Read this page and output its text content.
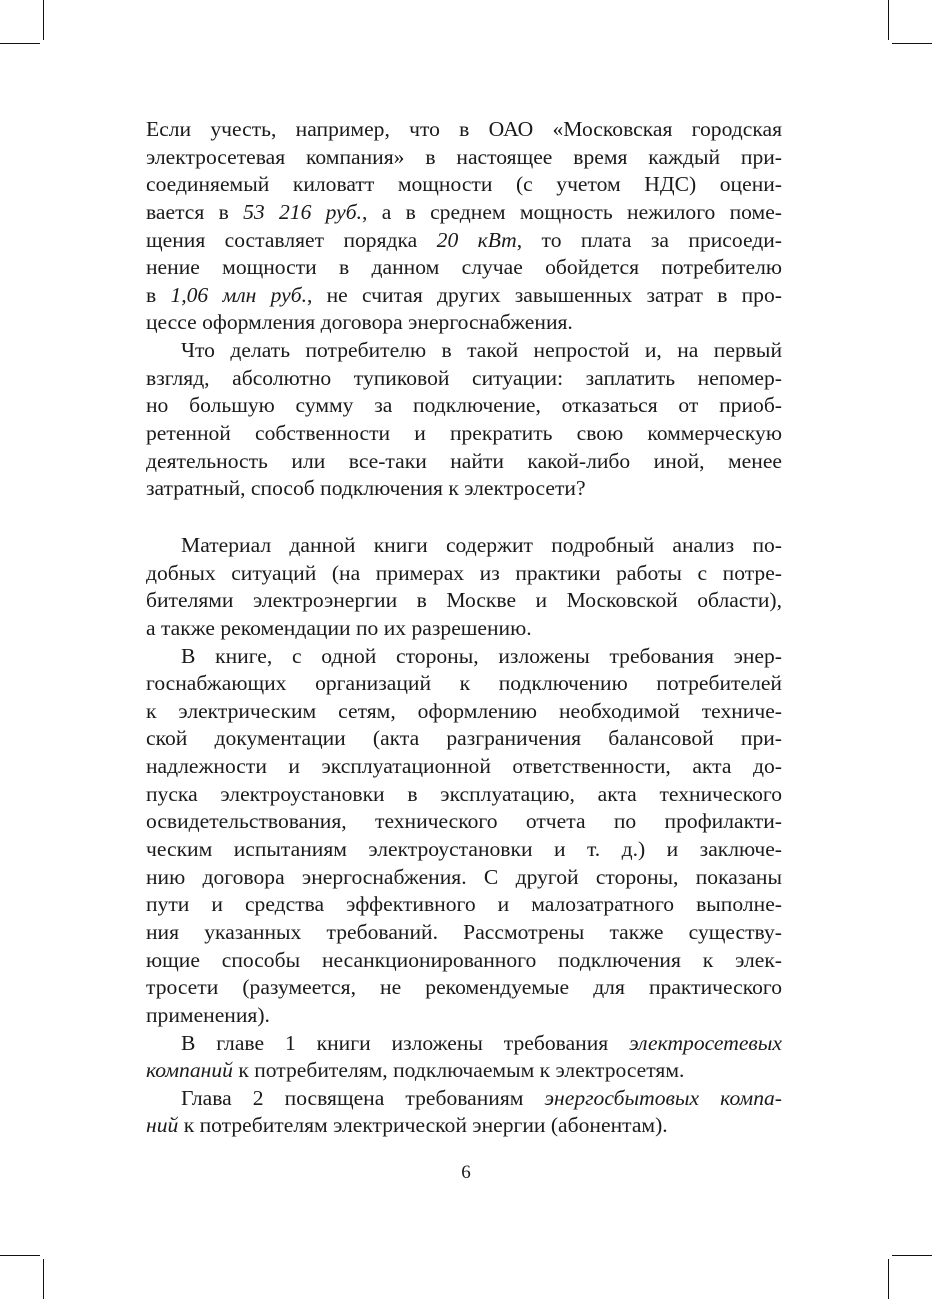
Если учесть, например, что в ОАО «Московская городская
электросетевая компания» в настоящее время каждый при-
соединяемый киловатт мощности (с учетом НДС) оцени-
вается в 53 216 руб., а в среднем мощность нежилого поме-
щения составляет порядка 20 кВт, то плата за присоеди-
нение мощности в данном случае обойдется потребителю
в 1,06 млн руб., не считая других завышенных затрат в про-
цессе оформления договора энергоснабжения.
Что делать потребителю в такой непростой и, на первый
взгляд, абсолютно тупиковой ситуации: заплатить непомер-
но большую сумму за подключение, отказаться от приоб-
ретенной собственности и прекратить свою коммерческую
деятельность или все-таки найти какой-либо иной, менее
затратный, способ подключения к электросети?
Материал данной книги содержит подробный анализ по-
добных ситуаций (на примерах из практики работы с потре-
бителями электроэнергии в Москве и Московской области),
а также рекомендации по их разрешению.
В книге, с одной стороны, изложены требования энер-
госнабжающих организаций к подключению потребителей
к электрическим сетям, оформлению необходимой техниче-
ской документации (акта разграничения балансовой при-
надлежности и эксплуатационной ответственности, акта до-
пуска электроустановки в эксплуатацию, акта технического
освидетельствования, технического отчета по профилакти-
ческим испытаниям электроустановки и т. д.) и заключе-
нию договора энергоснабжения. С другой стороны, показаны
пути и средства эффективного и малозатратного выполне-
ния указанных требований. Рассмотрены также существу-
ющие способы несанкционированного подключения к элек-
тросети (разумеется, не рекомендуемые для практического
применения).
В главе 1 книги изложены требования электросетевых
компаний к потребителям, подключаемым к электросетям.
Глава 2 посвящена требованиям энергосбытовых компа-
ний к потребителям электрической энергии (абонентам).
6
